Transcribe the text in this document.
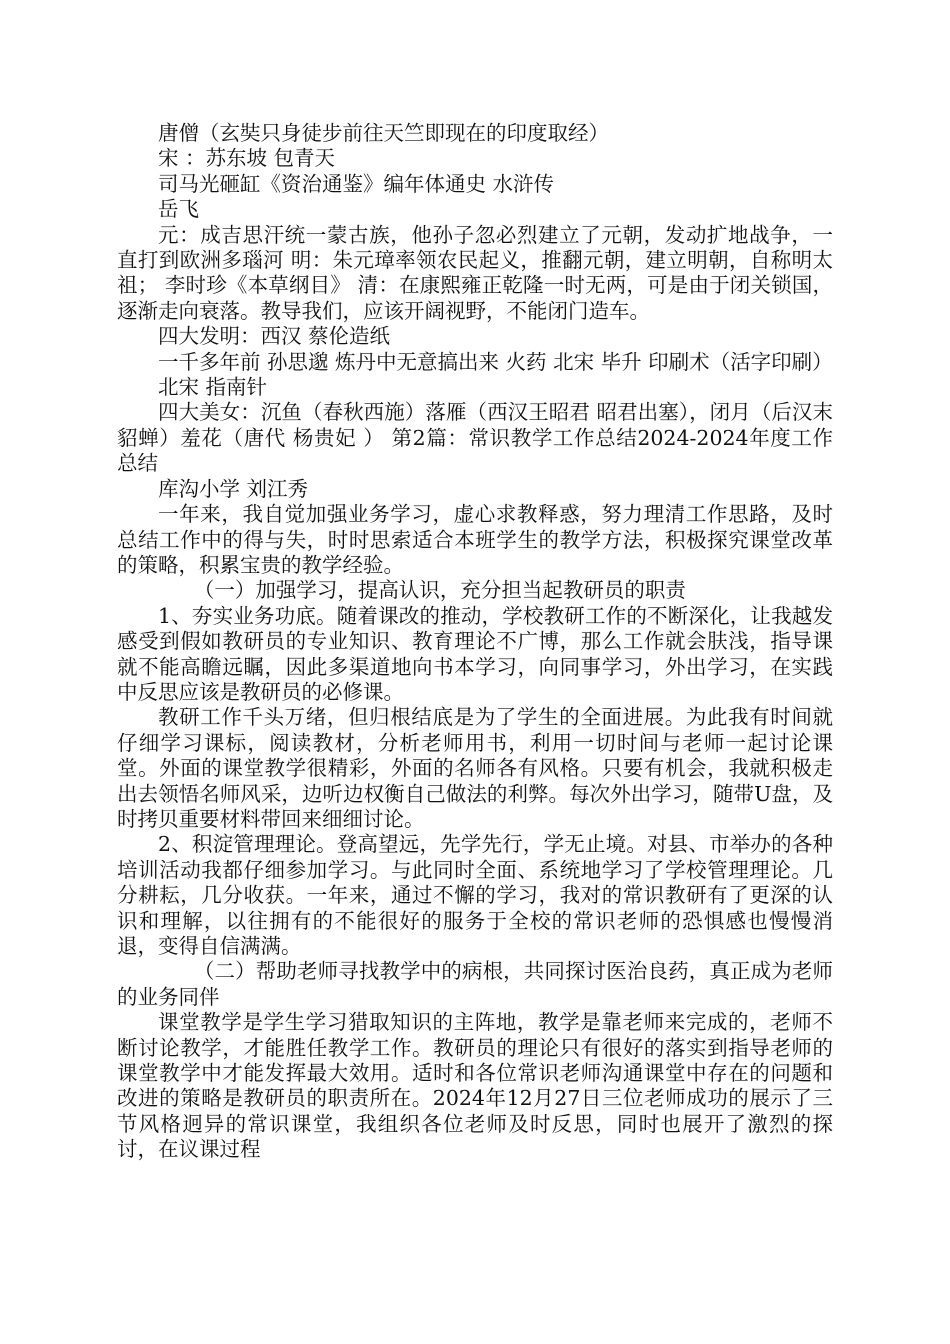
唐僧（玄奘只身徒步前往天竺即现在的印度取经）

宋 ：苏东坡 包青天

司马光砸缸《资治通鉴》编年体通史 水浒传

岳飞

元：成吉思汗统一蒙古族，他孙子忽必烈建立了元朝，发动扩地战争，一直打到欧洲多瑙河 明：朱元璋率领农民起义，推翻元朝，建立明朝，自称明太祖； 李时珍《本草纲目》 清：在康熙雍正乾隆一时无两，可是由于闭关锁国，逐渐走向衰落。教导我们，应该开阔视野，不能闭门造车。

四大发明：西汉 蔡伦造纸

一千多年前 孙思邈 炼丹中无意搞出来 火药 北宋 毕升 印刷术（活字印刷）

北宋 指南针

四大美女：沉鱼（春秋西施）落雁（西汉王昭君 昭君出塞），闭月（后汉末貂蝉）羞花（唐代 杨贵妃 ） 第2篇：常识教学工作总结2024-2024年度工作总结

库沟小学 刘江秀

一年来，我自觉加强业务学习，虚心求教释惑，努力理清工作思路，及时总结工作中的得与失，时时思索适合本班学生的教学方法，积极探究课堂改革的策略，积累宝贵的教学经验。

（一）加强学习，提高认识，充分担当起教研员的职责

1、夯实业务功底。随着课改的推动，学校教研工作的不断深化，让我越发感受到假如教研员的专业知识、教育理论不广博，那么工作就会肤浅，指导课就不能高瞻远瞩，因此多渠道地向书本学习，向同事学习，外出学习，在实践中反思应该是教研员的必修课。

教研工作千头万绪，但归根结底是为了学生的全面进展。为此我有时间就仔细学习课标，阅读教材，分析老师用书，利用一切时间与老师一起讨论课堂。外面的课堂教学很精彩，外面的名师各有风格。只要有机会，我就积极走出去领悟名师风采，边听边权衡自己做法的利弊。每次外出学习，随带U盘，及时拷贝重要材料带回来细细讨论。

2、积淀管理理论。登高望远，先学先行，学无止境。对县、市举办的各种培训活动我都仔细参加学习。与此同时全面、系统地学习了学校管理理论。几分耕耘，几分收获。一年来，通过不懈的学习，我对的常识教研有了更深的认识和理解，以往拥有的不能很好的服务于全校的常识老师的恐惧感也慢慢消退，变得自信满满。

（二）帮助老师寻找教学中的病根，共同探讨医治良药，真正成为老师的业务同伴

课堂教学是学生学习猎取知识的主阵地，教学是靠老师来完成的，老师不断讨论教学，才能胜任教学工作。教研员的理论只有很好的落实到指导老师的课堂教学中才能发挥最大效用。适时和各位常识老师沟通课堂中存在的问题和改进的策略是教研员的职责所在。2024年12月27日三位老师成功的展示了三节风格迥异的常识课堂，我组织各位老师及时反思，同时也展开了激烈的探讨，在议课过程
